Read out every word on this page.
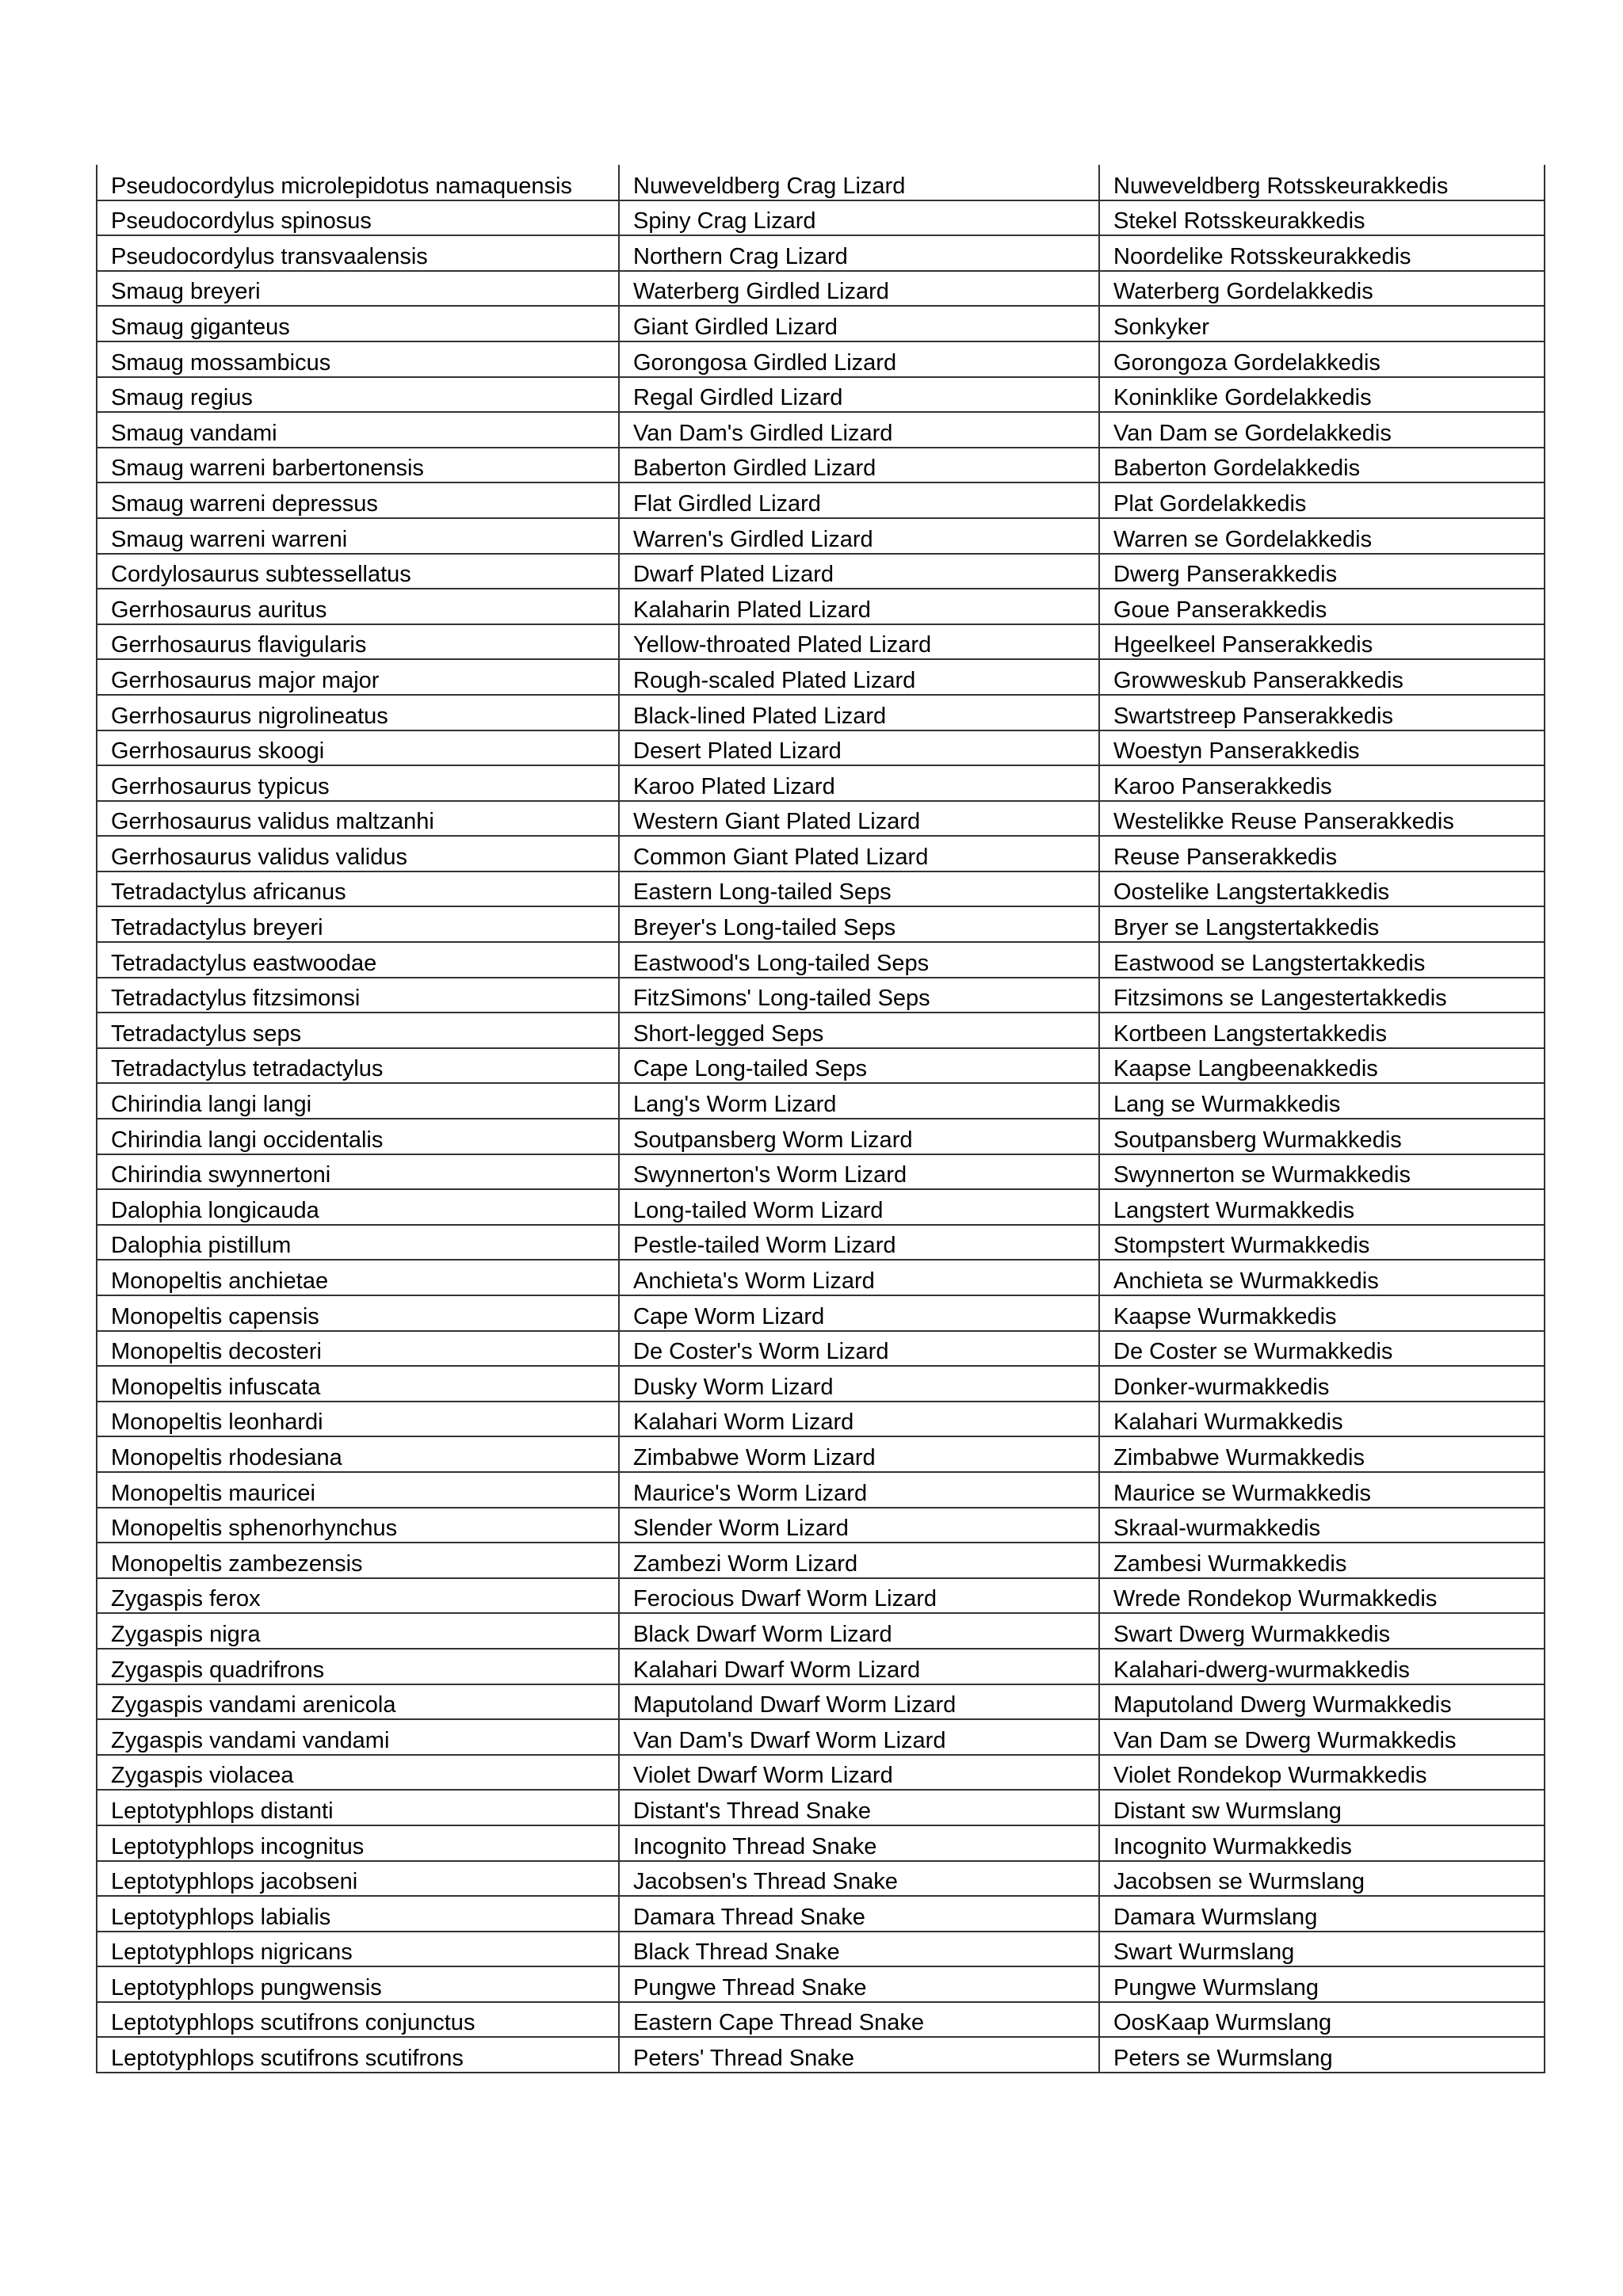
Pseudocordylus microlepidotus namaquensis	Nuweveldberg Crag Lizard	Nuweveldberg Rotsskeurakkedis
Pseudocordylus spinosus	Spiny Crag Lizard	Stekel Rotsskeurakkedis
Pseudocordylus transvaalensis	Northern Crag Lizard	Noordelike Rotsskeurakkedis
Smaug breyeri	Waterberg Girdled Lizard	Waterberg Gordelakkedis
Smaug giganteus	Giant Girdled Lizard	Sonkyker
Smaug mossambicus	Gorongosa Girdled Lizard	Gorongoza Gordelakkedis
Smaug regius	Regal Girdled Lizard	Koninklike Gordelakkedis
Smaug vandami	Van Dam's Girdled Lizard	Van Dam se Gordelakkedis
Smaug warreni barbertonensis	Baberton Girdled Lizard	Baberton Gordelakkedis
Smaug warreni depressus	Flat Girdled Lizard	Plat Gordelakkedis
Smaug warreni warreni	Warren's Girdled Lizard	Warren se Gordelakkedis
Cordylosaurus subtessellatus	Dwarf Plated Lizard	Dwerg Panserakkedis
Gerrhosaurus auritus	Kalaharin Plated Lizard	Goue Panserakkedis
Gerrhosaurus flavigularis	Yellow-throated Plated Lizard	Hgeelkeel Panserakkedis
Gerrhosaurus major major	Rough-scaled Plated Lizard	Growweskub Panserakkedis
Gerrhosaurus nigrolineatus	Black-lined Plated Lizard	Swartstreep Panserakkedis
Gerrhosaurus skoogi	Desert Plated Lizard	Woestyn Panserakkedis
Gerrhosaurus typicus	Karoo Plated Lizard	Karoo Panserakkedis
Gerrhosaurus validus maltzanhi	Western Giant Plated Lizard	Westelikke Reuse Panserakkedis
Gerrhosaurus validus validus	Common Giant Plated Lizard	Reuse Panserakkedis
Tetradactylus africanus	Eastern Long-tailed Seps	Oostelike Langstertakkedis
Tetradactylus breyeri	Breyer's Long-tailed Seps	Bryer se Langstertakkedis
Tetradactylus eastwoodae	Eastwood's Long-tailed Seps	Eastwood se Langstertakkedis
Tetradactylus fitzsimonsi	FitzSimons' Long-tailed Seps	Fitzsimons se Langestertakkedis
Tetradactylus seps	Short-legged Seps	Kortbeen Langstertakkedis
Tetradactylus tetradactylus	Cape Long-tailed Seps	Kaapse Langbeenakkedis
Chirindia langi langi	Lang's Worm Lizard	Lang se Wurmakkedis
Chirindia langi occidentalis	Soutpansberg Worm Lizard	Soutpansberg Wurmakkedis
Chirindia swynnertoni	Swynnerton's Worm Lizard	Swynnerton se Wurmakkedis
Dalophia longicauda	Long-tailed Worm Lizard	Langstert Wurmakkedis
Dalophia pistillum	Pestle-tailed Worm Lizard	Stompstert Wurmakkedis
Monopeltis anchietae	Anchieta's Worm Lizard	Anchieta se Wurmakkedis
Monopeltis capensis	Cape Worm Lizard	Kaapse Wurmakkedis
Monopeltis decosteri	De Coster's Worm Lizard	De Coster se Wurmakkedis
Monopeltis infuscata	Dusky Worm Lizard	Donker-wurmakkedis
Monopeltis leonhardi	Kalahari Worm Lizard	Kalahari Wurmakkedis
Monopeltis rhodesiana	Zimbabwe Worm Lizard	Zimbabwe Wurmakkedis
Monopeltis mauricei	Maurice's Worm Lizard	Maurice se Wurmakkedis
Monopeltis sphenorhynchus	Slender Worm Lizard	Skraal-wurmakkedis
Monopeltis zambezensis	Zambezi Worm Lizard	Zambesi Wurmakkedis
Zygaspis ferox	Ferocious Dwarf Worm Lizard	Wrede Rondekop Wurmakkedis
Zygaspis nigra	Black Dwarf Worm Lizard	Swart Dwerg Wurmakkedis
Zygaspis quadrifrons	Kalahari Dwarf Worm Lizard	Kalahari-dwerg-wurmakkedis
Zygaspis vandami arenicola	Maputoland Dwarf Worm Lizard	Maputoland Dwerg Wurmakkedis
Zygaspis vandami vandami	Van Dam's Dwarf Worm Lizard	Van Dam se Dwerg Wurmakkedis
Zygaspis violacea	Violet Dwarf Worm Lizard	Violet Rondekop Wurmakkedis
Leptotyphlops distanti	Distant's Thread Snake	Distant sw Wurmslang
Leptotyphlops incognitus	Incognito Thread Snake	Incognito Wurmakkedis
Leptotyphlops jacobseni	Jacobsen's Thread Snake	Jacobsen se Wurmslang
Leptotyphlops labialis	Damara Thread Snake	Damara Wurmslang
Leptotyphlops nigricans	Black Thread Snake	Swart Wurmslang
Leptotyphlops pungwensis	Pungwe Thread Snake	Pungwe Wurmslang
Leptotyphlops scutifrons conjunctus	Eastern Cape Thread Snake	OosKaap Wurmslang
Leptotyphlops scutifrons scutifrons	Peters' Thread Snake	Peters se Wurmslang
